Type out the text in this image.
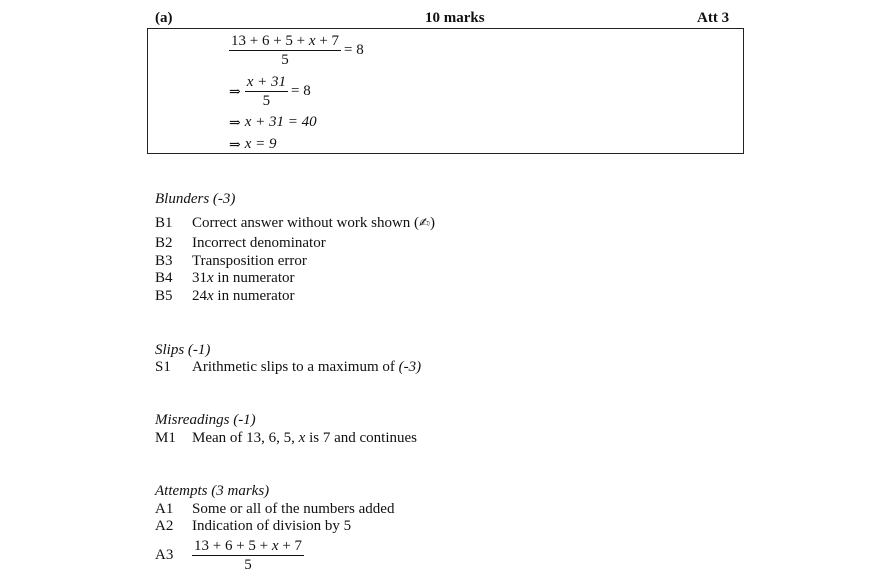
(a)	10 marks	Att 3
$\frac{13 + 6 + 5 + x + 7}{5} = 8$
⇒ $\frac{x + 31}{5} = 8$
⇒ x + 31 = 40
⇒ x = 9
Blunders (-3)
B1 Correct answer without work shown (✍)
B2 Incorrect denominator
B3 Transposition error
B4 31x in numerator
B5 24x in numerator
Slips (-1)
S1 Arithmetic slips to a maximum of (-3)
Misreadings (-1)
M1 Mean of 13, 6, 5, x is 7 and continues
Attempts (3 marks)
A1 Some or all of the numbers added
A2 Indication of division by 5
A3	$\frac{13 + 6 + 5 + x + 7}{5}$
